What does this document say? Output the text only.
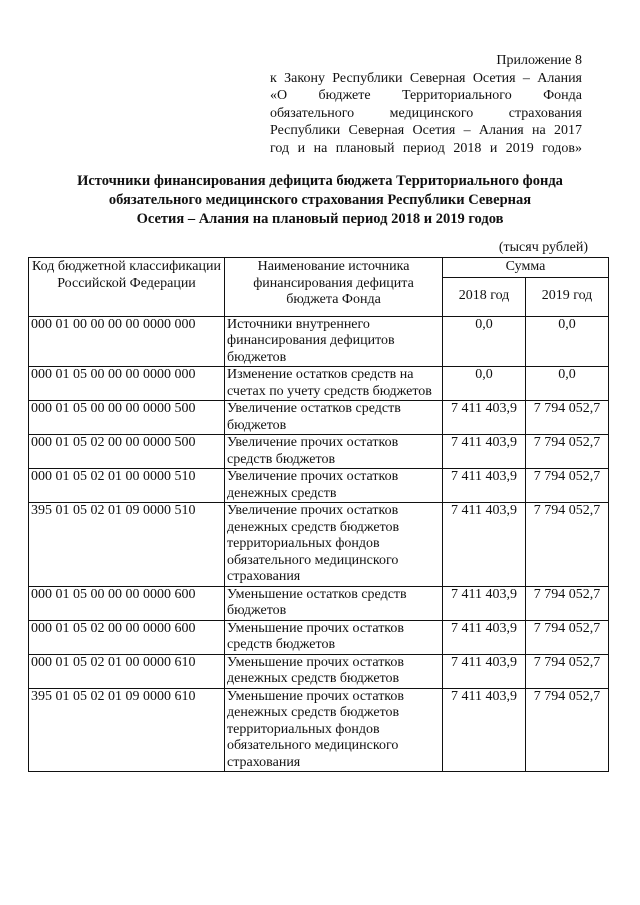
Приложение 8
к Закону Республики Северная Осетия – Алания
«О бюджете Территориального Фонда
обязательного медицинского страхования
Республики Северная Осетия – Алания на 2017
год и на плановый период 2018 и 2019 годов»
Источники финансирования дефицита бюджета Территориального фонда
обязательного медицинского страхования Республики Северная
Осетия – Алания на плановый период 2018 и 2019 годов
(тысяч рублей)
Код бюджетной классификации Российской Федерации	Наименование источника финансирования дефицита бюджета Фонда	Сумма	
		2018 год	2019 год
000 01 00 00 00 00 0000 000	Источники внутреннего финансирования дефицитов бюджетов	0,0	0,0
000 01 05 00 00 00 0000 000	Изменение остатков средств на счетах по учету средств бюджетов	0,0	0,0
000 01 05 00 00 00 0000 500	Увеличение остатков средств бюджетов	7 411 403,9	7 794 052,7
000 01 05 02 00 00 0000 500	Увеличение прочих остатков средств бюджетов	7 411 403,9	7 794 052,7
000 01 05 02 01 00 0000 510	Увеличение прочих остатков денежных средств	7 411 403,9	7 794 052,7
395 01 05 02 01 09 0000 510	Увеличение прочих остатков денежных средств бюджетов территориальных фондов обязательного медицинского страхования	7 411 403,9	7 794 052,7
000 01 05 00 00 00 0000 600	Уменьшение остатков средств бюджетов	7 411 403,9	7 794 052,7
000 01 05 02 00 00 0000 600	Уменьшение прочих остатков средств бюджетов	7 411 403,9	7 794 052,7
000 01 05 02 01 00 0000 610	Уменьшение прочих остатков денежных средств бюджетов	7 411 403,9	7 794 052,7
395 01 05 02 01 09 0000 610	Уменьшение прочих остатков денежных средств бюджетов территориальных фондов обязательного медицинского страхования	7 411 403,9	7 794 052,7
